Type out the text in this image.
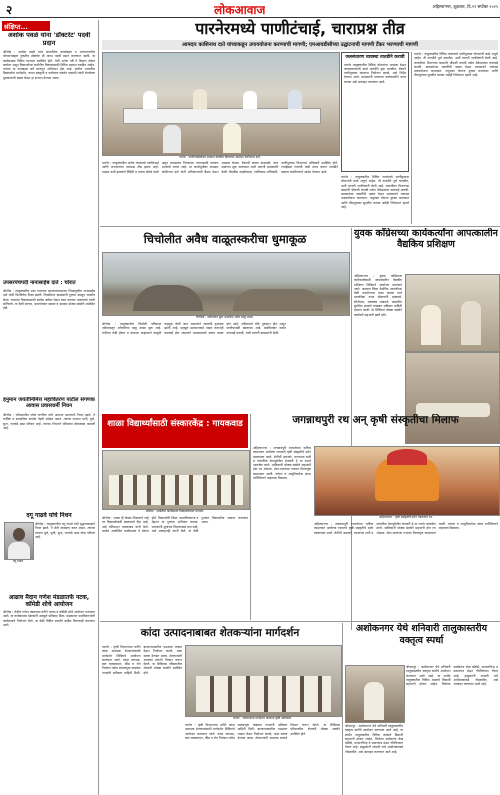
२	लोकआवाज	अहिल्यानगर, शुक्रवार, दि.१९ सप्टेंबर २०२५
संक्षिप्त...
अशोक पवळे यांना 'डॉक्टरेट' पदवी प्रदान
श्रीगोंदा : अशोक पवळे यांना सामाजिक कार्याबद्दल व अध्यापनातील योगदानाबद्दल नुकतीच डॉक्टरेट ही मानद पदवी प्रदान करण्यात आली. या कार्यक्रमास विविध मान्यवर उपस्थित होते. गेली अनेक वर्षे ते शिक्षण क्षेत्रात कार्यरत असून विद्यार्थ्यांच्या सर्वांगीण विकासासाठी विविध उपक्रम राबवित आहेत. त्यांच्या या यशाबद्दल सर्व स्तरातून अभिनंदन होत आहे. ग्रामीण भागातील विद्यार्थ्यांना मार्गदर्शन, वाचन संस्कृती व पर्यावरण संवर्धन यासाठी त्यांनी घेतलेल्या पुढाकाराची दखल घेऊन हा सन्मान देण्यात आला.
उपसरपंचपदी नानासाहेब दाते : चोरात
श्रीगोंदा : तालुक्यातील एका गावाच्या उपसरपंचपदाच्या निवडणुकीत नानासाहेब दाते यांची बिनविरोध निवड झाली. निवडीनंतर ग्रामस्थांनी गुलाल उधळून जल्लोष केला. गावाच्या विकासासाठी सर्वांना बरोबर घेऊन काम करणार असल्याचे त्यांनी सांगितले. या वेळी सरपंच, ग्रामपंचायत सदस्य व ग्रामस्थ मोठ्या संख्येने उपस्थित होते.
हनुमान जयंतीनिमित्त महावितरण पाटील संगणक आवास प्रवासधर्मी निधन
श्रीगोंदा : परिसरातील ज्येष्ठ नागरिक यांचे अल्पशा आजाराने निधन झाले. ते धार्मिक व सामाजिक कार्यात नेहमी अग्रेसर असत. त्यांच्या पश्चात पत्नी, मुले, सुना, नातवंडे असा परिवार आहे. त्यांच्या निधनाने परिसरात शोककळा पसरली आहे.
दगू गाढवे यांचे निधन
दगू गाढवे
श्रीगोंदा : तालुक्यातील दगू गाढवे यांचे वृद्धापकाळाने निधन झाले. ते शेती व्यवसाय करत असत. त्यांच्या पश्चात मुले, मुली, सुना, नातवंडे असा मोठा परिवार आहे.
आढाव मैदान गणेश मंडळातर्फे नटक, कॉमेडी शोचे आयोजन
श्रीगोंदा : येथील गणेश मंडळाच्या वतीने नाटक व कॉमेडी शोचे आयोजन करण्यात आले. या कार्यक्रमास प्रेक्षकांनी उत्स्फूर्त प्रतिसाद दिला. मंडळाच्या पदाधिकाऱ्यांनी कार्यक्रमाचे नियोजन केले. या वेळी विविध स्पर्धांचे बक्षीस वितरणही करण्यात आले.
पारनेरमध्ये पाणीटंचाई, चाराप्रश्न तीव्र
आमदार काशिनाथ दाते यांच्याकडून उपाययोजना करण्याची मागणी; एमआयडीसीच्या उद्घाटनाची मागणी टँकर भरण्याची मागणी
पारनेर : पाणीटंचाईबाबत आढावा बैठकीत बोलताना आमदार काशिनाथ दाते.
पारनेर : तालुक्यातील अनेक गावांमध्ये पाणीटंचाई आणि जनावरांच्या चाराप्रश्न तीव्र झाला आहे. पाऊस कमी झाल्याने विहिरी व तलाव कोरडे पडले असून ग्रामस्थांना पिण्याच्या पाण्यासाठी वणवण भटकावे लागत आहे. या पार्श्वभूमीवर आमदार काशिनाथ दाते यांनी अधिकाऱ्यांची बैठक घेऊन आढावा घेतला. टँकरची संख्या वाढवावी, चारा छावण्या सुरू कराव्यात अशी मागणी ग्रामस्थांनी केली. बैठकीस तहसीलदार, गटविकास अधिकारी, पाणीपुरवठा विभागाचे अधिकारी उपस्थित होते. टंचाईग्रस्त गावांची यादी तयार करून तातडीने प्रस्ताव पाठविण्याचे आदेश देण्यात आले.
जलसंधारण व्यवस्था तातडीने करावी
पारनेर तालुक्यातील विविध योजनांचा आढावा घेऊन जलसंधारणाची कामे तातडीने सुरू करावीत. टँकरने पाणीपुरवठा करताना नियोजन करावे, असे निर्देश देण्यात आले. ग्रामस्थांनी पाण्याचा काटकसरीने वापर करावा असे आवाहन करण्यात आले.
पारनेर : तालुक्यातील विविध गावांमध्ये पाणीपुरवठा योजनांची कामे अपूर्ण आहेत. ती तातडीने पूर्ण करावीत, अशी मागणी नागरिकांनी केली आहे. जलजीवन मिशनच्या कामांची चौकशी करावी तसेच ठेकेदारांवर कारवाई करावी. ग्रामस्थांच्या तक्रारींची दखल घेऊन प्रशासनाने तत्काळ उपाययोजना कराव्यात. नादुरुस्त योजना दुरुस्त कराव्यात आणि वीजपुरवठा सुरळीत करावा असेही निवेदनात म्हटले आहे.
पारनेर : तालुक्यातील विविध गावांमध्ये पाणीपुरवठा योजनांची कामे अपूर्ण आहेत. ती तातडीने पूर्ण करावीत, अशी मागणी नागरिकांनी केली आहे. जलजीवन मिशनच्या कामांची चौकशी करावी तसेच ठेकेदारांवर कारवाई करावी. ग्रामस्थांच्या तक्रारींची दखल घेऊन प्रशासनाने तत्काळ उपाययोजना कराव्यात. नादुरुस्त योजना दुरुस्त कराव्यात आणि वीजपुरवठा सुरळीत करावा असेही निवेदनात म्हटले आहे.
चिचोलीत अवैध वाळूतस्करीचा धुमाकूळ
चिचोली : नदीपात्रात सुरू असलेला अवैध वाळू उपसा.
श्रीगोंदा : तालुक्यातील चिचोली परिसरात नदीपात्रातून अवैधरीत्या वाळू उपसा सुरू आहे. रात्रीच्या वेळी ट्रॅक्टर व डंपरच्या साहाय्याने वाळूची वाहतूक केली जात असल्याने रस्त्यांची दुरवस्था झाली आहे. महसूल प्रशासनाकडे तक्रार करूनही कारवाई होत नसल्याने ग्रामस्थांमध्ये संताप व्यक्त होत आहे. नदीपात्राचे मोठे नुकसान होत असून पाणीपातळी खालावत आहे. संबंधितांवर कठोर कारवाई करावी, अशी मागणी ग्रामस्थांनी केली.
युवक काँग्रेसच्या कार्यकर्त्यांना आपत्कालीन वैद्यकिय प्रशिक्षण
अहिल्यानगर : युवक काँग्रेसच्या कार्यकर्त्यांसाठी आपत्कालीन वैद्यकीय प्रशिक्षण शिबिराचे आयोजन करण्यात आले. अपघात किंवा नैसर्गिक आपत्तीच्या वेळी प्रथमोपचार कसा करावा याचे प्रात्यक्षिक तज्ज्ञ डॉक्टरांनी दाखवले. सीपीआर, रक्तस्राव थांबवणे, जखमींना सुरक्षित हलवणे याबाबत सविस्तर माहिती देण्यात आली. या शिबिरात मोठ्या संख्येने कार्यकर्ते सहभागी झाले होते.
शाळा विद्यार्थ्यांसाठी संस्कारकेंद्र : गायकवाड
श्रीगोंदा : शाळेतील कार्यक्रमात विद्यार्थ्यांसोबत मान्यवर.
श्रीगोंदा : शाळा ही केवळ शिक्षणाचे नव्हे तर विद्यार्थ्यांसाठी संस्काराचे केंद्र आहे, असे प्रतिपादन गायकवाड यांनी केले. शाळेत आयोजित कार्यक्रमात ते बोलत होते. विद्यार्थ्यांनी शिस्त, प्रामाणिकपणा व मेहनत या गुणांचा अंगीकार करावा. पालकांनी मुलांच्या शिक्षणाकडे लक्ष द्यावे, असे आवाहनही त्यांनी केले. या वेळी गुणवंत विद्यार्थ्यांचा सत्कार करण्यात आला.
जगन्नाथपुरी रथ अन् कृषी संस्कृतीचा मिलाफ
अहिल्यानगर : जगन्नाथपुरी रथयात्रेच्या धर्तीवर काढण्यात आलेल्या रथामध्ये कृषी संस्कृतीचे दर्शन घडवण्यात आले. शेतीची अवजारे, धान्याच्या राशी व पारंपरिक वेशभूषेतील शेतकरी हे या रथाचे आकर्षण ठरले. भाविकांनी मोठ्या संख्येने सहभागी होत रथ ओढला. ढोल-ताशांच्या गजरात मिरवणूक काढण्यात आली. परंपरा व आधुनिकतेचा संगम यानिमित्ताने पाहायला मिळाला.
अहिल्यानगर : कृषी संस्कृतीचे दर्शन घडवणारा रथ.
अहिल्यानगर : जगन्नाथपुरी रथयात्रेच्या धर्तीवर काढण्यात आलेल्या रथामध्ये कृषी संस्कृतीचे दर्शन घडवण्यात आले. शेतीची अवजारे, धान्याच्या राशी व पारंपरिक वेशभूषेतील शेतकरी हे या रथाचे आकर्षण ठरले. भाविकांनी मोठ्या संख्येने सहभागी होत रथ ओढला. ढोल-ताशांच्या गजरात मिरवणूक काढण्यात आली. परंपरा व आधुनिकतेचा संगम यानिमित्ताने पाहायला मिळाला.
कांदा उत्पादनाबाबत शेतकऱ्यांना मार्गदर्शन
पारनेर : कृषी विभागाच्या वतीने कांदा उत्पादक शेतकऱ्यांसाठी मार्गदर्शन शिबिराचे आयोजन करण्यात आले. कांदा लागवड, खत व्यवस्थापन, कीड व रोग नियंत्रण तसेच साठवणूक याबाबत तज्ज्ञांनी सविस्तर माहिती दिली. बाजारभावातील चढउतार लक्षात घेऊन नियोजन करावे, असा सल्ला देण्यात आला. शेतकऱ्यांनी आपल्या शंकांचे निरसन करून घेतले. या शिबिरास परिसरातील शेतकरी मोठ्या संख्येने उपस्थित होते.
पारनेर : शेतकऱ्यांना मार्गदर्शन करताना कृषी अधिकारी.
पारनेर : कृषी विभागाच्या वतीने कांदा उत्पादक शेतकऱ्यांसाठी मार्गदर्शन शिबिराचे आयोजन करण्यात आले. कांदा लागवड, खत व्यवस्थापन, कीड व रोग नियंत्रण तसेच साठवणूक याबाबत तज्ज्ञांनी सविस्तर माहिती दिली. बाजारभावातील चढउतार लक्षात घेऊन नियोजन करावे, असा सल्ला देण्यात आला. शेतकऱ्यांनी आपल्या शंकांचे निरसन करून घेतले. या शिबिरास परिसरातील शेतकरी मोठ्या संख्येने उपस्थित होते.
अशोकनगर येथे शनिवारी तालुकास्तरीय वक्तृत्व स्पर्धा
श्रीरामपूर : अशोकनगर येथे शनिवारी तालुकास्तरीय वक्तृत्व स्पर्धेचे आयोजन करण्यात आले आहे. या स्पर्धेत तालुक्यातील विविध शाळांचे विद्यार्थी सहभागी होणार आहेत. विजेत्या स्पर्धकांना रोख बक्षिसे, सन्मानचिन्ह व प्रमाणपत्र देऊन गौरविण्यात येणार आहे. इच्छुकांनी आपली नावे आयोजकांकडे नोंदवावीत, असे आवाहन करण्यात आले आहे.
श्रीरामपूर : अशोकनगर येथे शनिवारी तालुकास्तरीय वक्तृत्व स्पर्धेचे आयोजन करण्यात आले आहे. या स्पर्धेत तालुक्यातील विविध शाळांचे विद्यार्थी सहभागी होणार आहेत. विजेत्या स्पर्धकांना रोख बक्षिसे, सन्मानचिन्ह व प्रमाणपत्र देऊन गौरविण्यात येणार आहे. इच्छुकांनी आपली नावे आयोजकांकडे नोंदवावीत, असे आवाहन करण्यात आले आहे.
